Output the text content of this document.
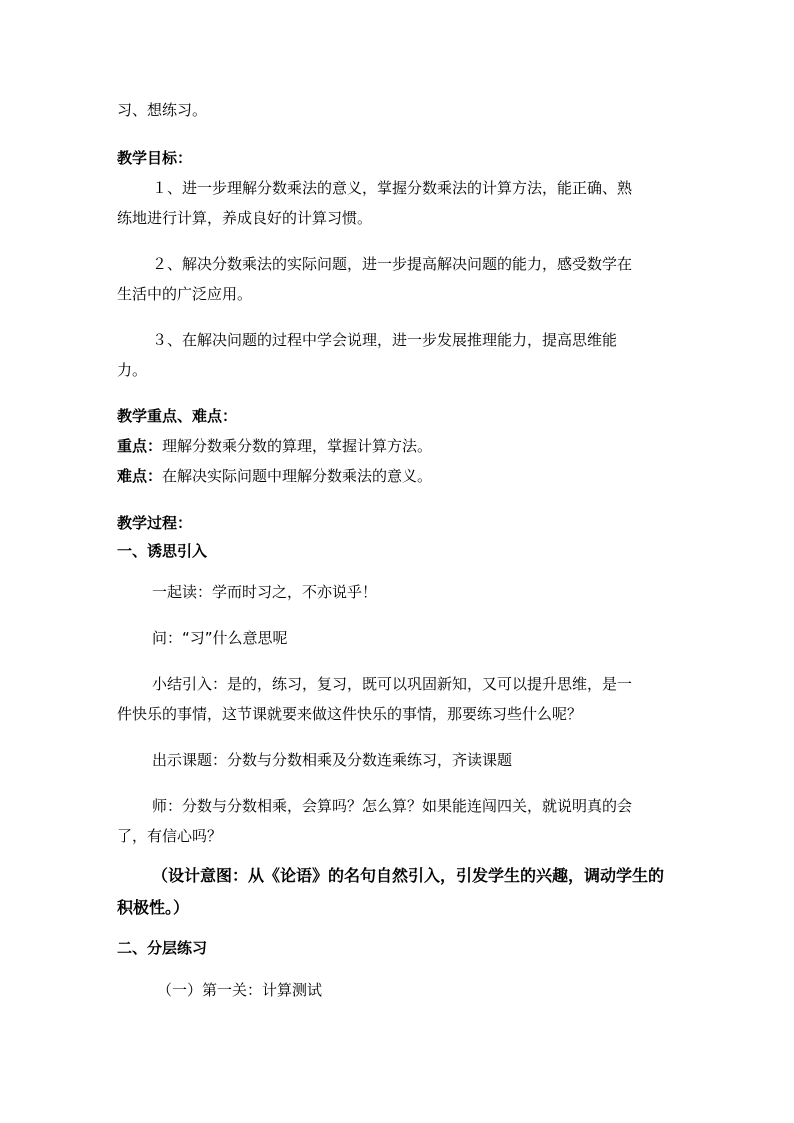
习、想练习。
教学目标：
１、进一步理解分数乘法的意义，掌握分数乘法的计算方法，能正确、熟
练地进行计算，养成良好的计算习惯。
２、解决分数乘法的实际问题，进一步提高解决问题的能力，感受数学在
生活中的广泛应用。
３、在解决问题的过程中学会说理，进一步发展推理能力，提高思维能
力。
教学重点、难点：
重点：理解分数乘分数的算理，掌握计算方法。
难点：在解决实际问题中理解分数乘法的意义。
教学过程：
一、诱思引入
一起读：学而时习之，不亦说乎！
问：“习”什么意思呢
小结引入：是的，练习，复习，既可以巩固新知，又可以提升思维，是一
件快乐的事情，这节课就要来做这件快乐的事情，那要练习些什么呢？
出示课题：分数与分数相乘及分数连乘练习，齐读课题
师：分数与分数相乘，会算吗？怎么算？如果能连闯四关，就说明真的会
了，有信心吗？
（设计意图：从《论语》的名句自然引入，引发学生的兴趣，调动学生的
积极性。）
二、分层练习
（一）第一关：计算测试
